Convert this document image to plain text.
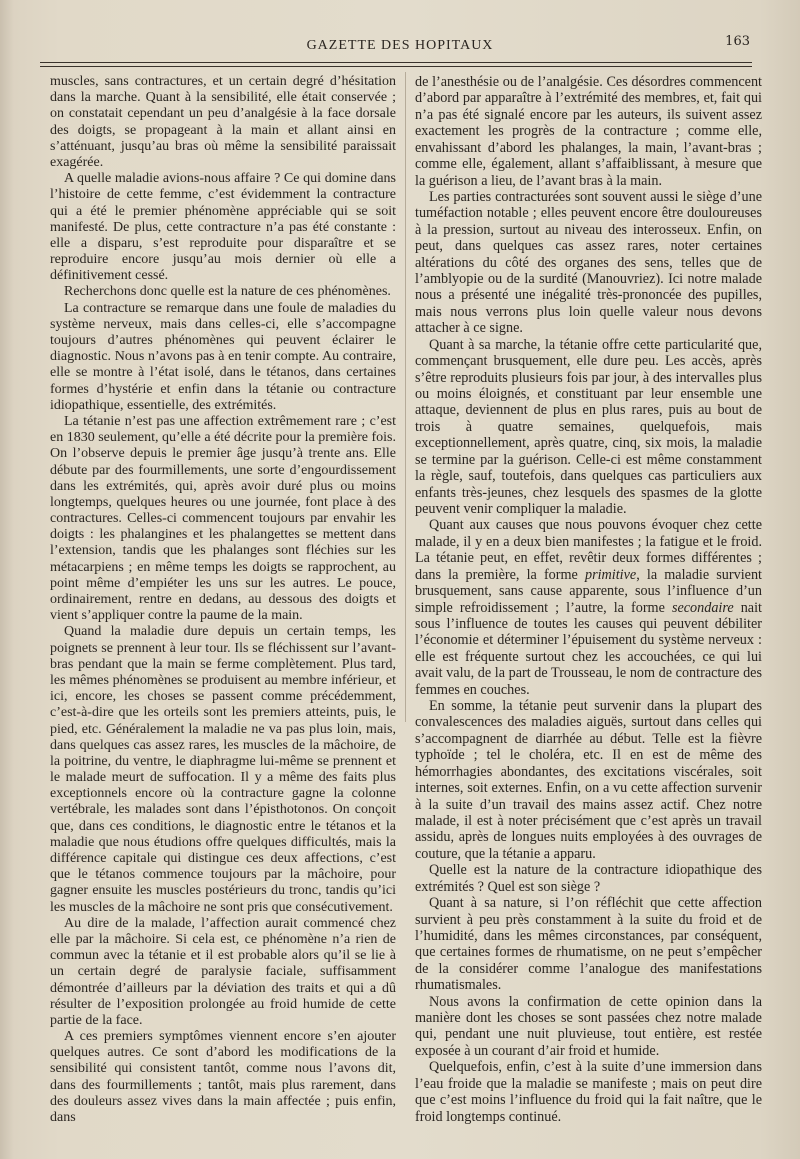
GAZETTE DES HOPITAUX	163

muscles, sans contractures, et un certain degré d’hésitation dans la marche. Quant à la sensibilité, elle était conservée ; on constatait cependant un peu d’analgésie à la face dorsale des doigts, se propageant à la main et allant ainsi en s’atténuant, jusqu’au bras où même la sensibilité paraissait exagérée.

A quelle maladie avions-nous affaire ? Ce qui domine dans l’histoire de cette femme, c’est évidemment la contracture qui a été le premier phénomène appréciable qui se soit manifesté. De plus, cette contracture n’a pas été constante : elle a disparu, s’est reproduite pour disparaître et se reproduire encore jusqu’au mois dernier où elle a définitivement cessé.

Recherchons donc quelle est la nature de ces phénomènes.

La contracture se remarque dans une foule de maladies du système nerveux, mais dans celles-ci, elle s’accompagne toujours d’autres phénomènes qui peuvent éclairer le diagnostic. Nous n’avons pas à en tenir compte. Au contraire, elle se montre à l’état isolé, dans le tétanos, dans certaines formes d’hystérie et enfin dans la tétanie ou contracture idiopathique, essentielle, des extrémités.

La tétanie n’est pas une affection extrêmement rare ; c’est en 1830 seulement, qu’elle a été décrite pour la première fois. On l’observe depuis le premier âge jusqu’à trente ans. Elle débute par des fourmillements, une sorte d’engourdissement dans les extrémités, qui, après avoir duré plus ou moins longtemps, quelques heures ou une journée, font place à des contractures. Celles-ci commencent toujours par envahir les doigts : les phalangines et les phalangettes se mettent dans l’extension, tandis que les phalanges sont fléchies sur les métacarpiens ; en même temps les doigts se rapprochent, au point même d’empiéter les uns sur les autres. Le pouce, ordinairement, rentre en dedans, au dessous des doigts et vient s’appliquer contre la paume de la main.

Quand la maladie dure depuis un certain temps, les poignets se prennent à leur tour. Ils se fléchissent sur l’avant-bras pendant que la main se ferme complètement. Plus tard, les mêmes phénomènes se produisent au membre inférieur, et ici, encore, les choses se passent comme précédemment, c’est-à-dire que les orteils sont les premiers atteints, puis, le pied, etc. Généralement la maladie ne va pas plus loin, mais, dans quelques cas assez rares, les muscles de la mâchoire, de la poitrine, du ventre, le diaphragme lui-même se prennent et le malade meurt de suffocation. Il y a même des faits plus exceptionnels encore où la contracture gagne la colonne vertébrale, les malades sont dans l’épisthotonos. On conçoit que, dans ces conditions, le diagnostic entre le tétanos et la maladie que nous étudions offre quelques difficultés, mais la différence capitale qui distingue ces deux affections, c’est que le tétanos commence toujours par la mâchoire, pour gagner ensuite les muscles postérieurs du tronc, tandis qu’ici les muscles de la mâchoire ne sont pris que consécutivement.

Au dire de la malade, l’affection aurait commencé chez elle par la mâchoire. Si cela est, ce phénomène n’a rien de commun avec la tétanie et il est probable alors qu’il se lie à un certain degré de paralysie faciale, suffisamment démontrée d’ailleurs par la déviation des traits et qui a dû résulter de l’exposition prolongée au froid humide de cette partie de la face.

A ces premiers symptômes viennent encore s’en ajouter quelques autres. Ce sont d’abord les modifications de la sensibilité qui consistent tantôt, comme nous l’avons dit, dans des fourmillements ; tantôt, mais plus rarement, dans des douleurs assez vives dans la main affectée ; puis enfin, dans

de l’anesthésie ou de l’analgésie. Ces désordres commencent d’abord par apparaître à l’extrémité des membres, et, fait qui n’a pas été signalé encore par les auteurs, ils suivent assez exactement les progrès de la contracture ; comme elle, envahissant d’abord les phalanges, la main, l’avant-bras ; comme elle, également, allant s’affaiblissant, à mesure que la guérison a lieu, de l’avant bras à la main.

Les parties contracturées sont souvent aussi le siège d’une tuméfaction notable ; elles peuvent encore être douloureuses à la pression, surtout au niveau des interosseux. Enfin, on peut, dans quelques cas assez rares, noter certaines altérations du côté des organes des sens, telles que de l’amblyopie ou de la surdité (Manouvriez). Ici notre malade nous a présenté une inégalité très-prononcée des pupilles, mais nous verrons plus loin quelle valeur nous devons attacher à ce signe.

Quant à sa marche, la tétanie offre cette particularité que, commençant brusquement, elle dure peu. Les accès, après s’être reproduits plusieurs fois par jour, à des intervalles plus ou moins éloignés, et constituant par leur ensemble une attaque, deviennent de plus en plus rares, puis au bout de trois à quatre semaines, quelquefois, mais exceptionnellement, après quatre, cinq, six mois, la maladie se termine par la guérison. Celle-ci est même constamment la règle, sauf, toutefois, dans quelques cas particuliers aux enfants très-jeunes, chez lesquels des spasmes de la glotte peuvent venir compliquer la maladie.

Quant aux causes que nous pouvons évoquer chez cette malade, il y en a deux bien manifestes ; la fatigue et le froid. La tétanie peut, en effet, revêtir deux formes différentes ; dans la première, la forme primitive, la maladie survient brusquement, sans cause apparente, sous l’influence d’un simple refroidissement ; l’autre, la forme secondaire nait sous l’influence de toutes les causes qui peuvent débiliter l’économie et déterminer l’épuisement du système nerveux : elle est fréquente surtout chez les accouchées, ce qui lui avait valu, de la part de Trousseau, le nom de contracture des femmes en couches.

En somme, la tétanie peut survenir dans la plupart des convalescences des maladies aiguës, surtout dans celles qui s’accompagnent de diarrhée au début. Telle est la fièvre typhoïde ; tel le choléra, etc. Il en est de même des hémorrhagies abondantes, des excitations viscérales, soit internes, soit externes. Enfin, on a vu cette affection survenir à la suite d’un travail des mains assez actif. Chez notre malade, il est à noter précisément que c’est après un travail assidu, après de longues nuits employées à des ouvrages de couture, que la tétanie a apparu.

Quelle est la nature de la contracture idiopathique des extrémités ? Quel est son siège ?

Quant à sa nature, si l’on réfléchit que cette affection survient à peu près constamment à la suite du froid et de l’humidité, dans les mêmes circonstances, par conséquent, que certaines formes de rhumatisme, on ne peut s’empêcher de la considérer comme l’analogue des manifestations rhumatismales.

Nous avons la confirmation de cette opinion dans la manière dont les choses se sont passées chez notre malade qui, pendant une nuit pluvieuse, tout entière, est restée exposée à un courant d’air froid et humide.

Quelquefois, enfin, c’est à la suite d’une immersion dans l’eau froide que la maladie se manifeste ; mais on peut dire que c’est moins l’influence du froid qui la fait naître, que le froid longtemps continué.
